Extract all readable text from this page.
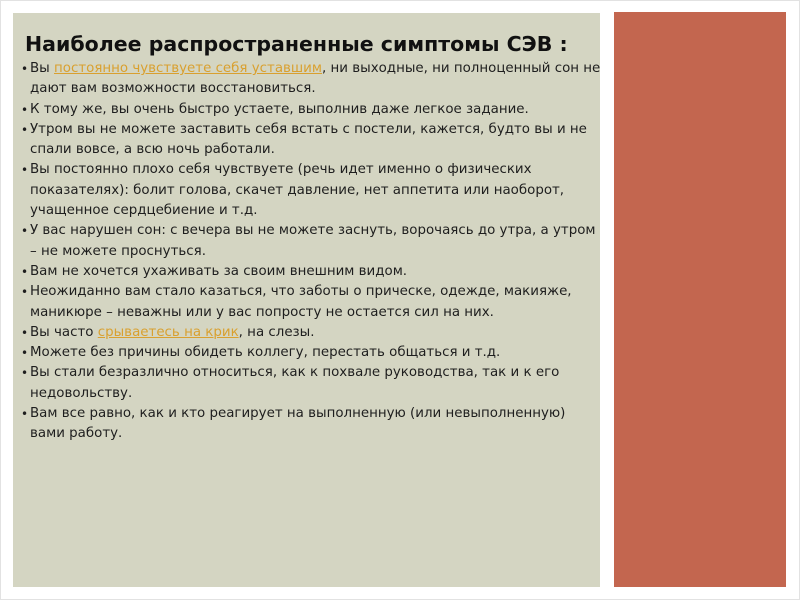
Наиболее распространенные симптомы СЭВ :
• Вы постоянно чувствуете себя уставшим, ни выходные, ни полноценный сон не дают вам возможности восстановиться.
• К тому же, вы очень быстро устаете, выполнив даже легкое задание.
• Утром вы не можете заставить себя встать с постели, кажется, будто вы и не спали вовсе, а всю ночь работали.
• Вы постоянно плохо себя чувствуете (речь идет именно о физических показателях): болит голова, скачет давление, нет аппетита или наоборот, учащенное сердцебиение и т.д.
• У вас нарушен сон: с вечера вы не можете заснуть, ворочаясь до утра, а утром – не можете проснуться.
• Вам не хочется ухаживать за своим внешним видом.
• Неожиданно вам стало казаться, что заботы о прическе, одежде, макияже, маникюре – неважны или у вас попросту не остается сил на них.
• Вы часто срываетесь на крик, на слезы.
• Можете без причины обидеть коллегу, перестать общаться и т.д.
• Вы стали безразлично относиться, как к похвале руководства, так и к его недовольству.
• Вам все равно, как и кто реагирует на выполненную (или невыполненную) вами работу.
